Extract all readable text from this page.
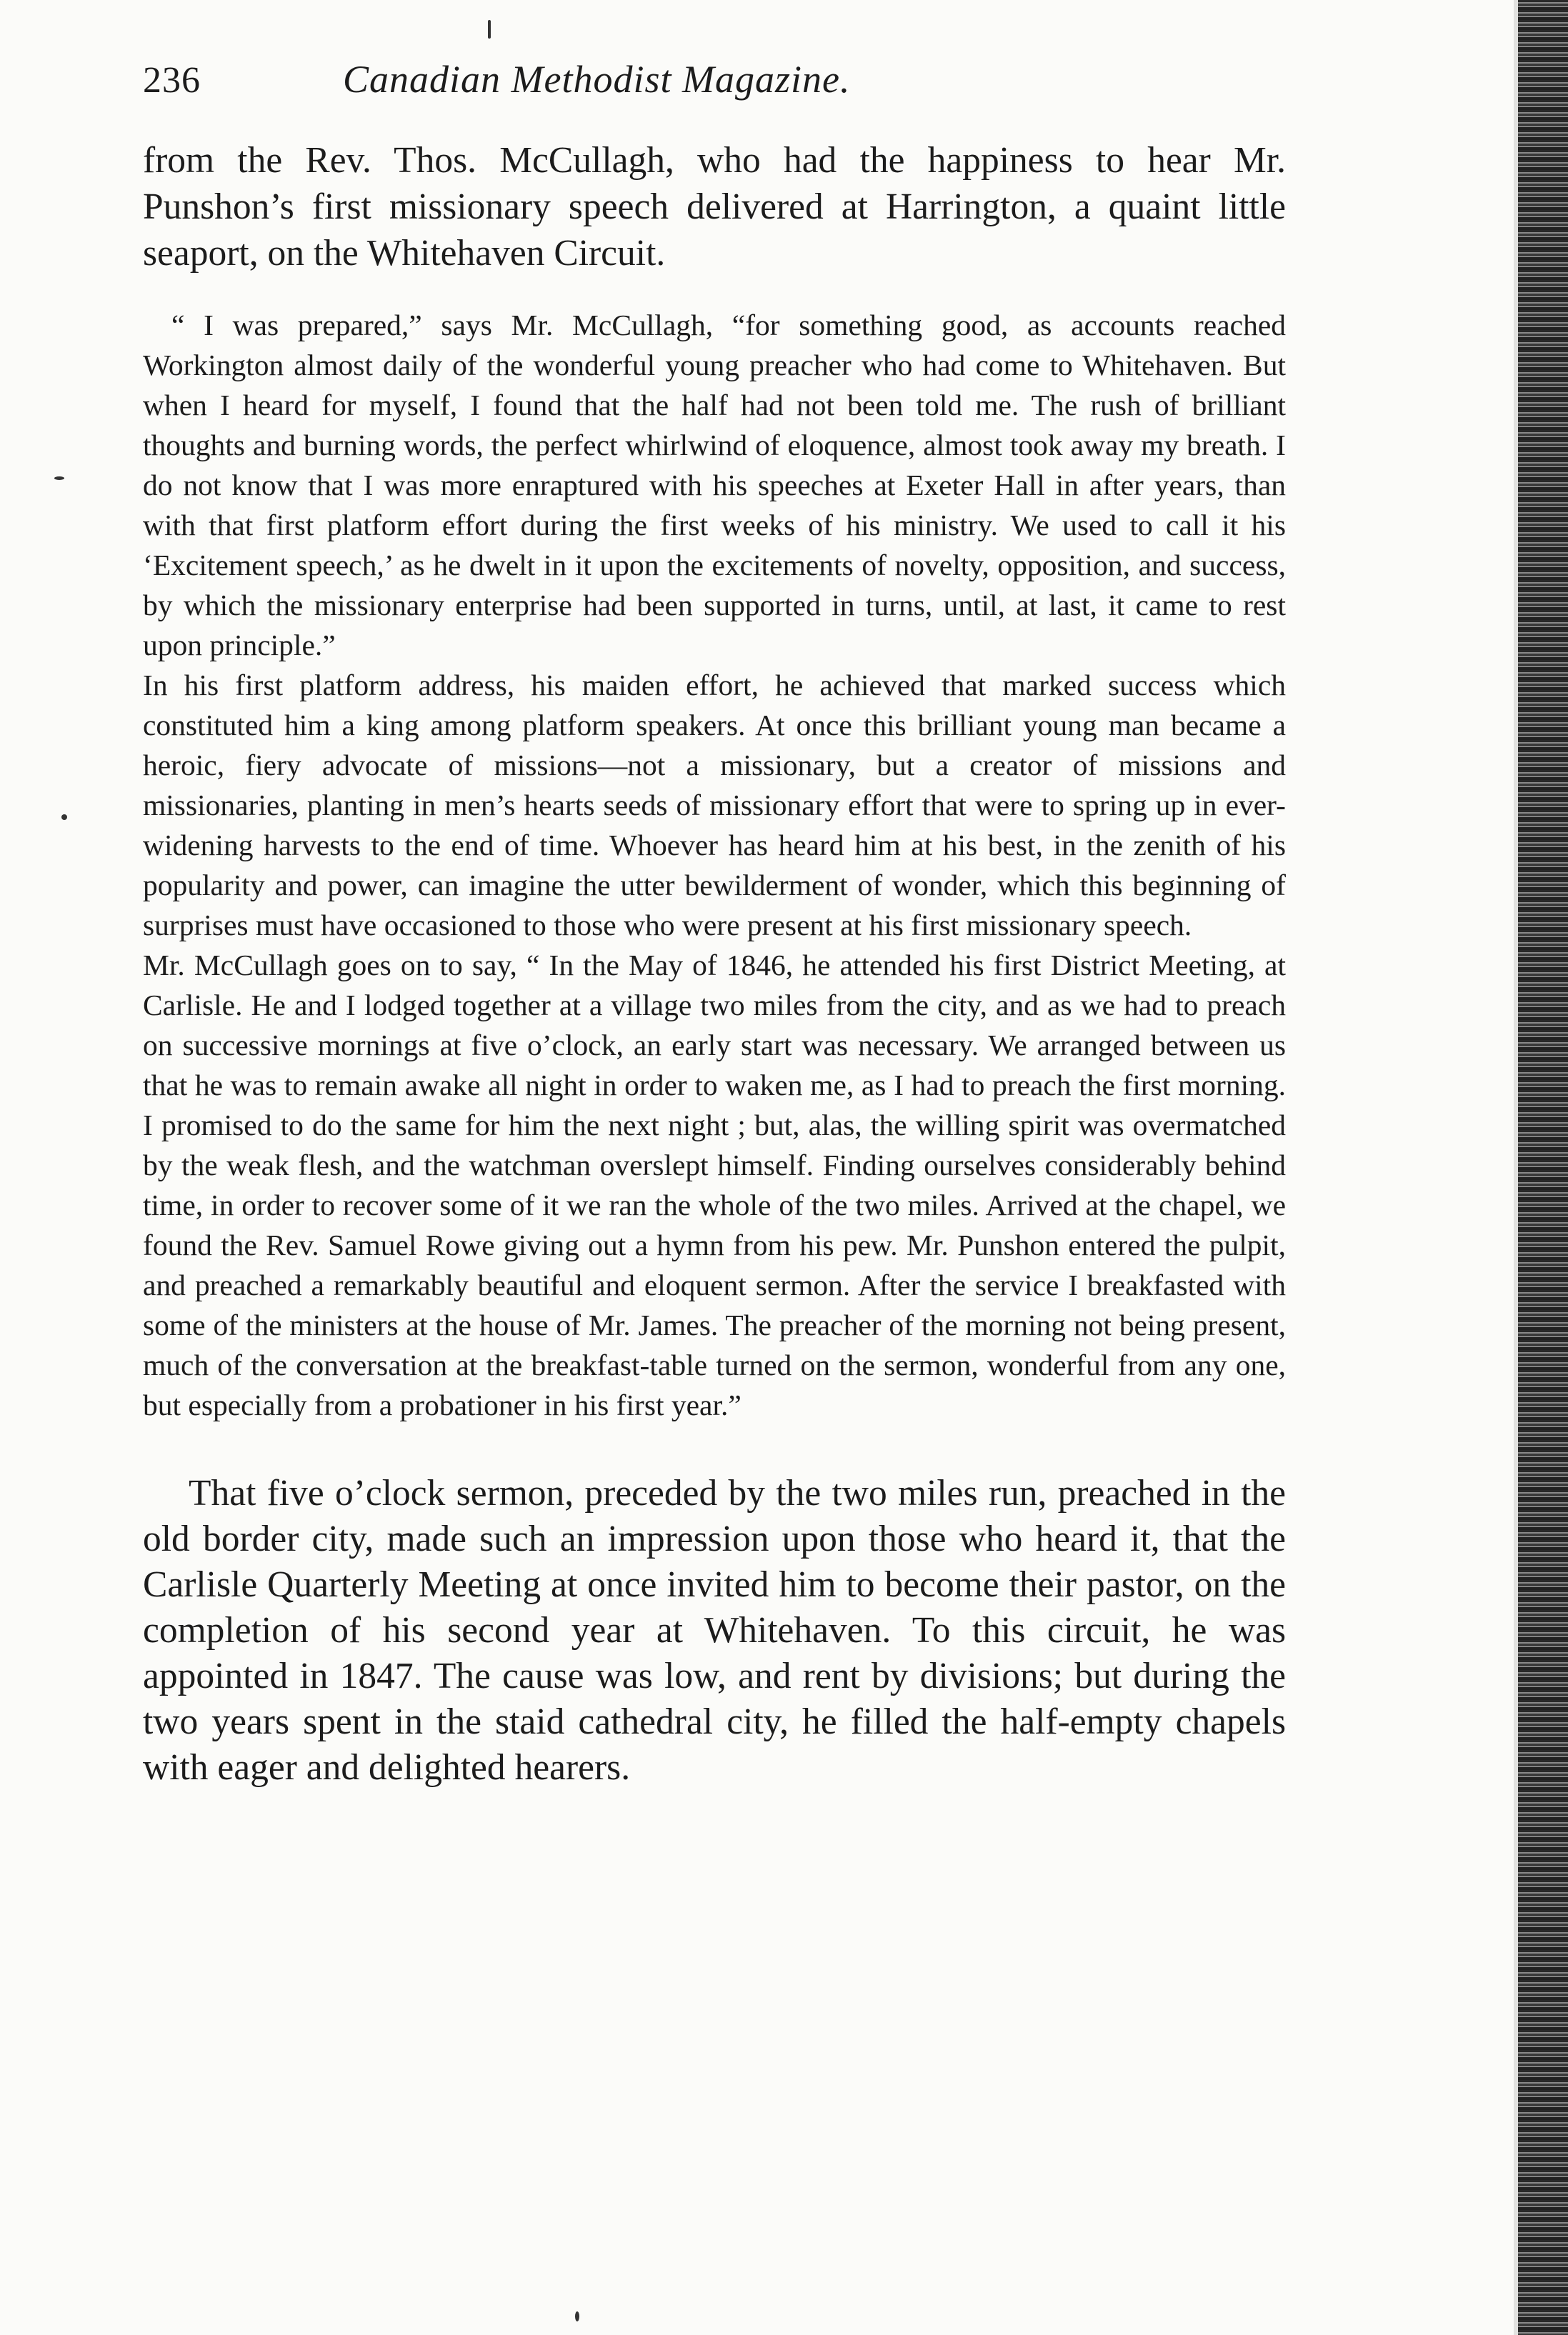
236	Canadian Methodist Magazine.

from the Rev. Thos. McCullagh, who had the happiness to hear Mr. Punshon’s first missionary speech delivered at Harrington, a quaint little seaport, on the Whitehaven Circuit.

“ I was prepared,” says Mr. McCullagh, “for something good, as accounts reached Workington almost daily of the wonderful young preacher who had come to Whitehaven. But when I heard for myself, I found that the half had not been told me. The rush of brilliant thoughts and burning words, the perfect whirlwind of eloquence, almost took away my breath. I do not know that I was more enraptured with his speeches at Exeter Hall in after years, than with that first platform effort during the first weeks of his ministry. We used to call it his ‘Excitement speech,’ as he dwelt in it upon the excitements of novelty, opposition, and success, by which the missionary enterprise had been supported in turns, until, at last, it came to rest upon principle.”

In his first platform address, his maiden effort, he achieved that marked success which constituted him a king among platform speakers. At once this brilliant young man became a heroic, fiery advocate of missions—not a missionary, but a creator of missions and missionaries, planting in men’s hearts seeds of missionary effort that were to spring up in ever-widening harvests to the end of time. Whoever has heard him at his best, in the zenith of his popularity and power, can imagine the utter bewilderment of wonder, which this beginning of surprises must have occasioned to those who were present at his first missionary speech.

Mr. McCullagh goes on to say, “ In the May of 1846, he attended his first District Meeting, at Carlisle. He and I lodged together at a village two miles from the city, and as we had to preach on successive mornings at five o’clock, an early start was necessary. We arranged between us that he was to remain awake all night in order to waken me, as I had to preach the first morning. I promised to do the same for him the next night ; but, alas, the willing spirit was overmatched by the weak flesh, and the watchman overslept himself. Finding ourselves considerably behind time, in order to recover some of it we ran the whole of the two miles. Arrived at the chapel, we found the Rev. Samuel Rowe giving out a hymn from his pew. Mr. Punshon entered the pulpit, and preached a remarkably beautiful and eloquent sermon. After the service I breakfasted with some of the ministers at the house of Mr. James. The preacher of the morning not being present, much of the conversation at the breakfast-table turned on the sermon, wonderful from any one, but especially from a probationer in his first year.”

That five o’clock sermon, preceded by the two miles run, preached in the old border city, made such an impression upon those who heard it, that the Carlisle Quarterly Meeting at once invited him to become their pastor, on the completion of his second year at Whitehaven. To this circuit, he was appointed in 1847. The cause was low, and rent by divisions; but during the two years spent in the staid cathedral city, he filled the half-empty chapels with eager and delighted hearers.
